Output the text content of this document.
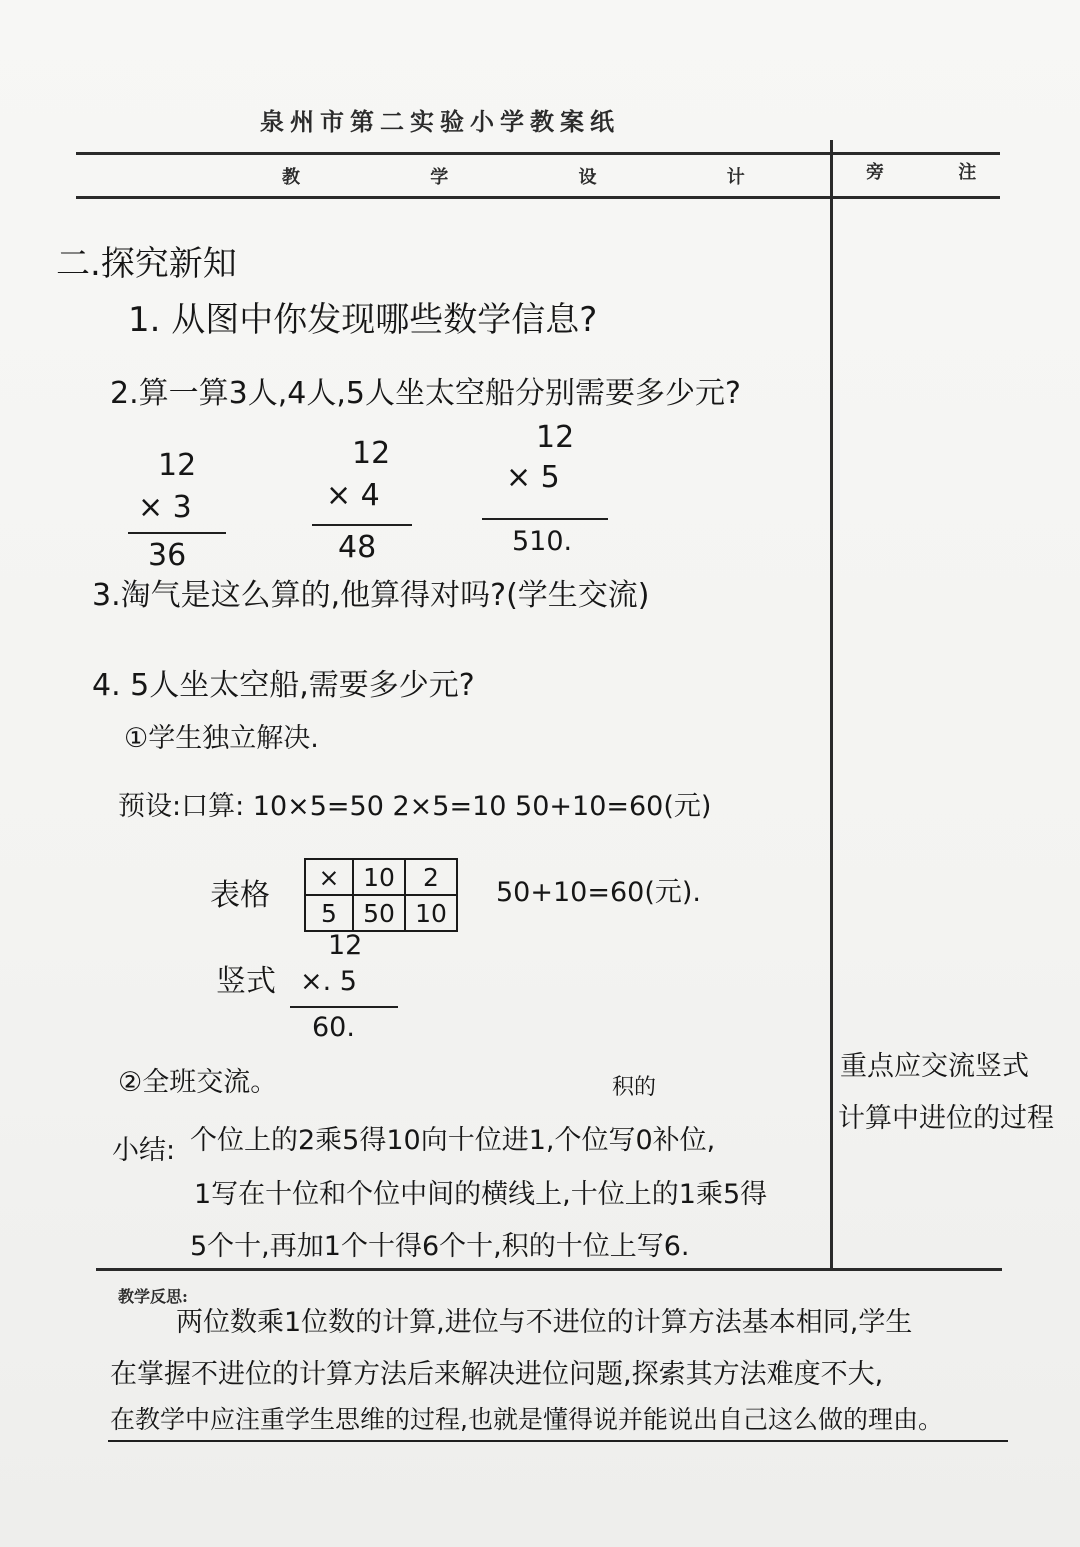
泉州市第二实验小学教案纸
教 学 设 计	旁 注
二.探究新知
1. 从图中你发现哪些数学信息?
2.算一算3人,4人,5人坐太空船分别需要多少元?
12
× 3
36
12
× 4
48
12
× 5
510.
3.淘气是这么算的,他算得对吗?(学生交流)
4. 5人坐太空船,需要多少元?
①学生独立解决.
预设:口算: 10×5=50 2×5=10 50+10=60(元)
表格
×	10	2
5	50	10
50+10=60(元).
竖式
12
×. 5
60.
②全班交流。
小结:
积的
个位上的2乘5得10向十位进1,个位写0补位,
1写在十位和个位中间的横线上,十位上的1乘5得
5个十,再加1个十得6个十,积的十位上写6.
重点应交流竖式
计算中进位的过程
教学反思:
两位数乘1位数的计算,进位与不进位的计算方法基本相同,学生
在掌握不进位的计算方法后来解决进位问题,探索其方法难度不大,
在教学中应注重学生思维的过程,也就是懂得说并能说出自己这么做的理由。
